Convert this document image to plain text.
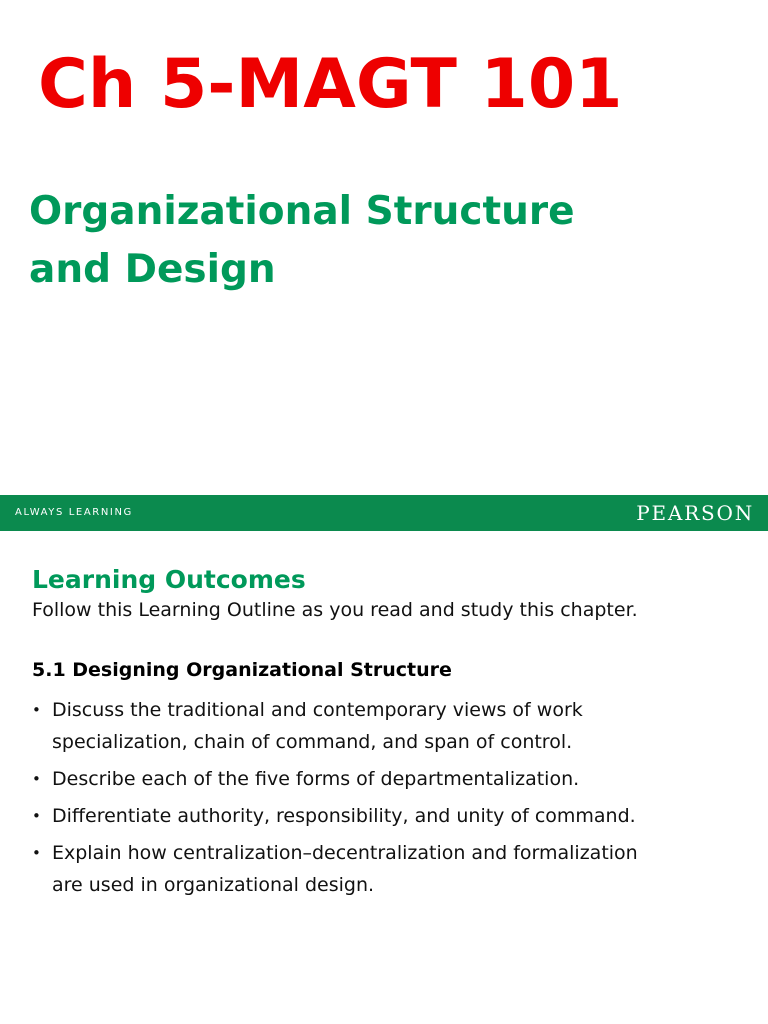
Ch 5-MAGT 101
Organizational Structure
and Design
ALWAYS LEARNING	PEARSON
Learning Outcomes

Follow this Learning Outline as you read and study this chapter.

5.1 Designing Organizational Structure
• Discuss the traditional and contemporary views of work
specialization, chain of command, and span of control.
• Describe each of the five forms of departmentalization.
• Differentiate authority, responsibility, and unity of command.
• Explain how centralization–decentralization and formalization
are used in organizational design.
